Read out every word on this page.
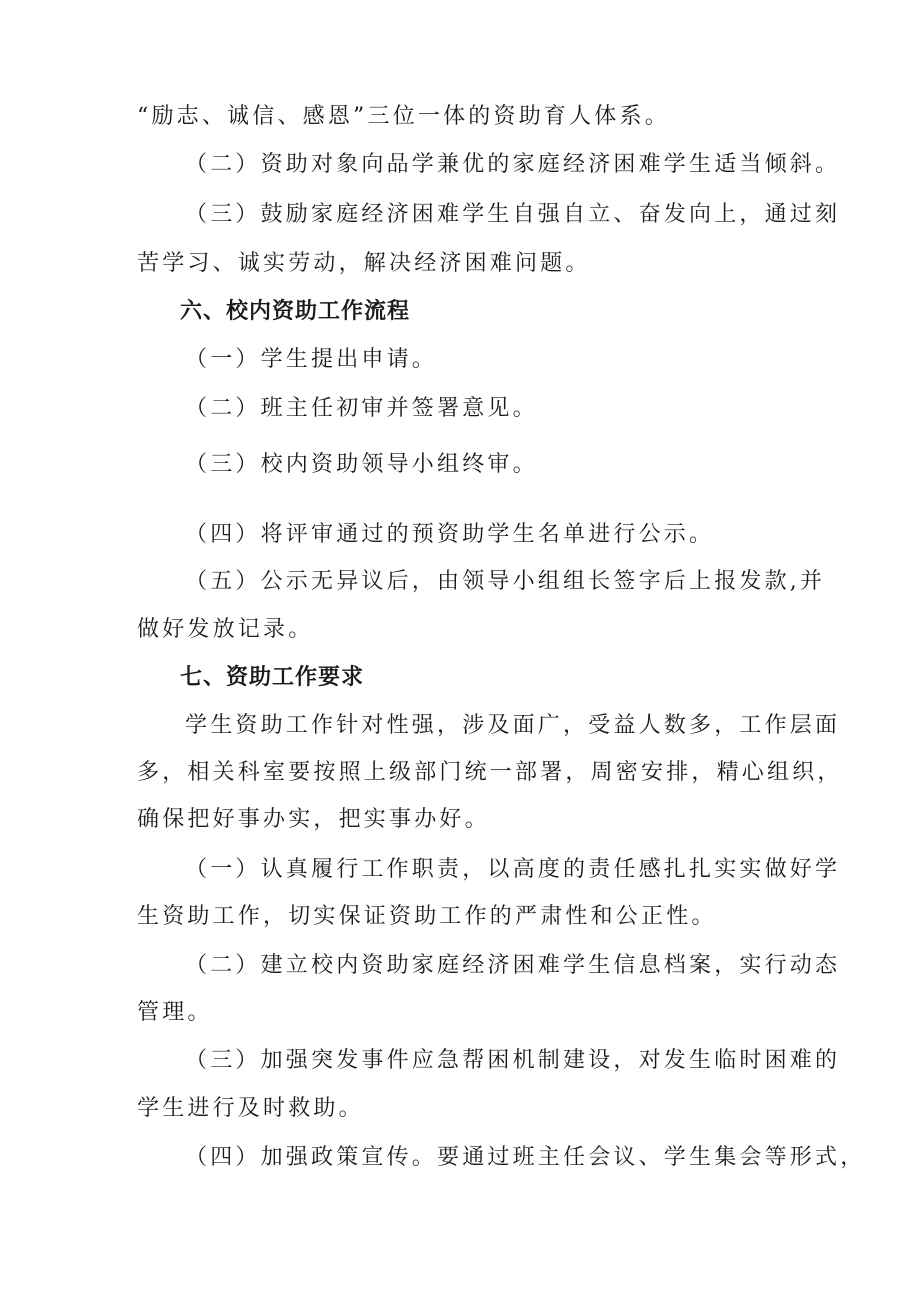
“励志、诚信、感恩”三位一体的资助育人体系。
（二）资助对象向品学兼优的家庭经济困难学生适当倾斜。
（三）鼓励家庭经济困难学生自强自立、奋发向上，通过刻
苦学习、诚实劳动，解决经济困难问题。
六、校内资助工作流程
（一）学生提出申请。
（二）班主任初审并签署意见。
（三）校内资助领导小组终审。
（四）将评审通过的预资助学生名单进行公示。
（五）公示无异议后，由领导小组组长签字后上报发款,并
做好发放记录。
七、资助工作要求
学生资助工作针对性强，涉及面广，受益人数多，工作层面
多，相关科室要按照上级部门统一部署，周密安排，精心组织，
确保把好事办实，把实事办好。
（一）认真履行工作职责，以高度的责任感扎扎实实做好学
生资助工作，切实保证资助工作的严肃性和公正性。
（二）建立校内资助家庭经济困难学生信息档案，实行动态
管理。
（三）加强突发事件应急帮困机制建设，对发生临时困难的
学生进行及时救助。
（四）加强政策宣传。要通过班主任会议、学生集会等形式，
